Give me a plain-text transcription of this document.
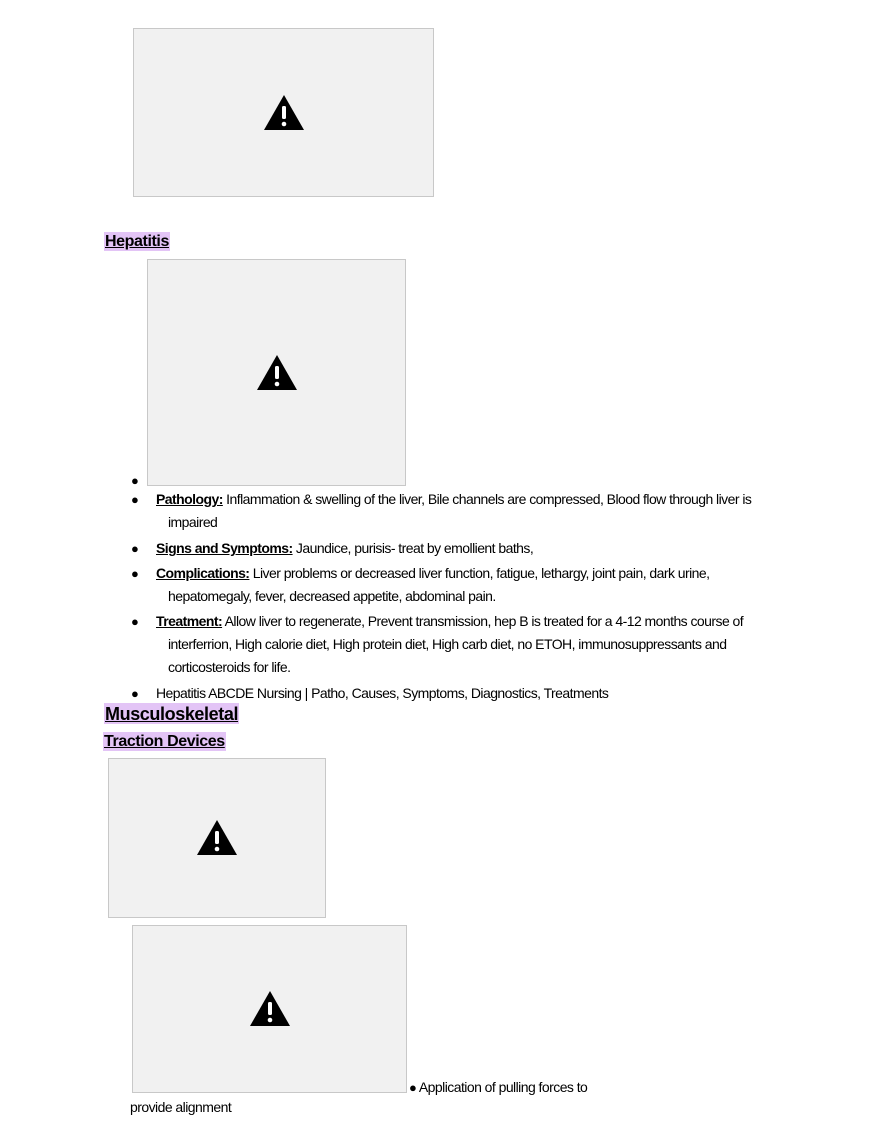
Hepatitis
●
●	Pathology: Inflammation & swelling of the liver, Bile channels are compressed, Blood flow through liver is
impaired
●	Signs and Symptoms: Jaundice, purisis- treat by emollient baths,
●	Complications: Liver problems or decreased liver function, fatigue, lethargy, joint pain, dark urine,
hepatomegaly, fever, decreased appetite, abdominal pain.
●	Treatment: Allow liver to regenerate, Prevent transmission, hep B is treated for a 4-12 months course of
interferrion, High calorie diet, High protein diet, High carb diet, no ETOH, immunosuppressants and corticosteroids for life.
●	Hepatitis ABCDE Nursing | Patho, Causes, Symptoms, Diagnostics, Treatments
Musculoskeletal
Traction Devices
● Application of pulling forces to
provide alignment
